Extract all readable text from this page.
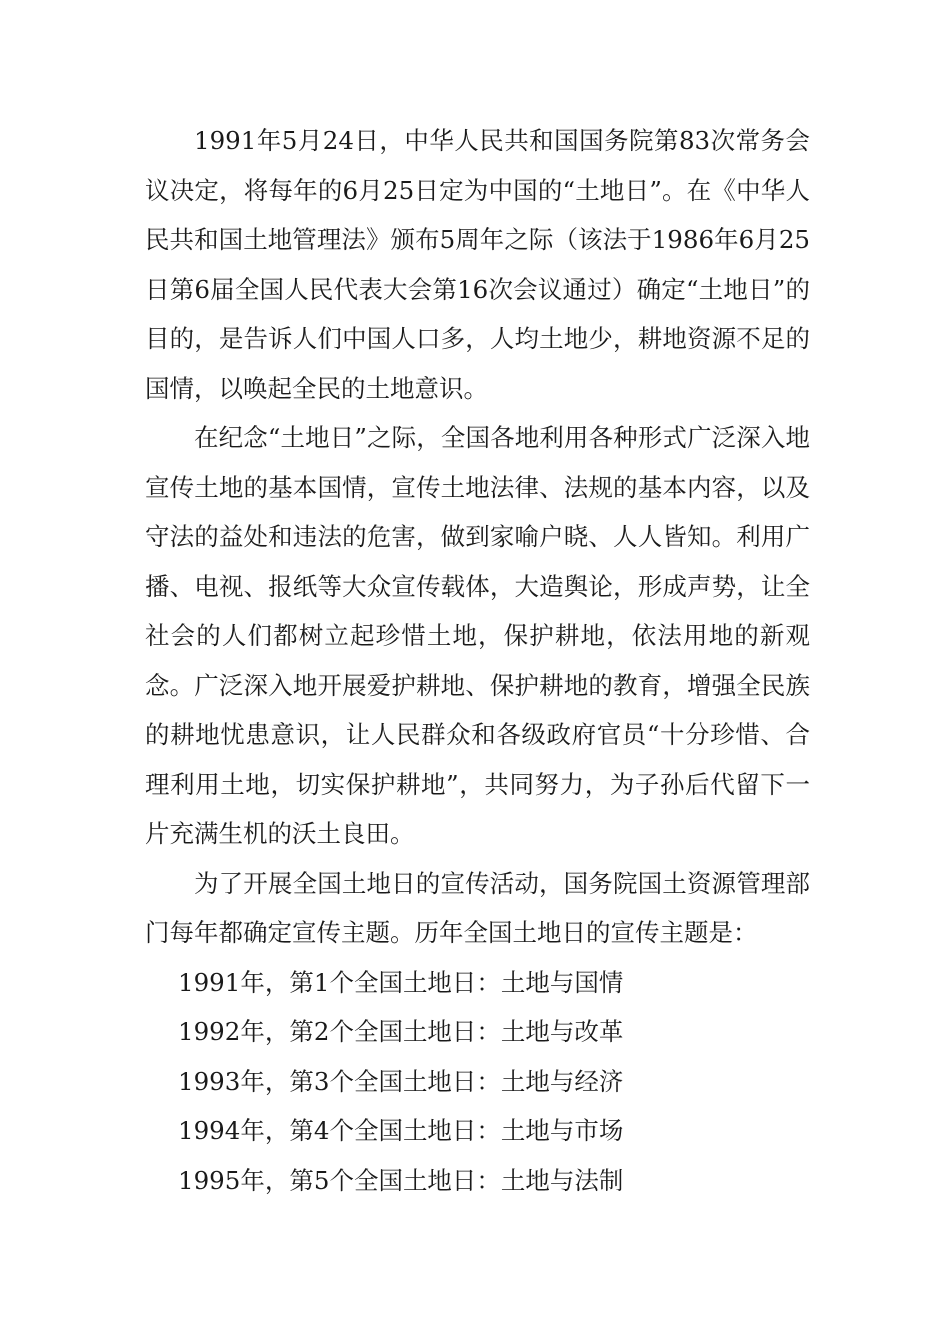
1991年5月24日，中华人民共和国国务院第83次常务会议决定，将每年的6月25日定为中国的“土地日”。在《中华人民共和国土地管理法》颁布5周年之际（该法于1986年6月25日第6届全国人民代表大会第16次会议通过）确定“土地日”的目的，是告诉人们中国人口多，人均土地少，耕地资源不足的国情，以唤起全民的土地意识。

在纪念“土地日”之际，全国各地利用各种形式广泛深入地宣传土地的基本国情，宣传土地法律、法规的基本内容，以及守法的益处和违法的危害，做到家喻户晓、人人皆知。利用广播、电视、报纸等大众宣传载体，大造舆论，形成声势，让全社会的人们都树立起珍惜土地，保护耕地，依法用地的新观念。广泛深入地开展爱护耕地、保护耕地的教育，增强全民族的耕地忧患意识，让人民群众和各级政府官员“十分珍惜、合理利用土地，切实保护耕地”，共同努力，为子孙后代留下一片充满生机的沃土良田。

为了开展全国土地日的宣传活动，国务院国土资源管理部门每年都确定宣传主题。历年全国土地日的宣传主题是：

1991年，第1个全国土地日：土地与国情
1992年，第2个全国土地日：土地与改革
1993年，第3个全国土地日：土地与经济
1994年，第4个全国土地日：土地与市场
1995年，第5个全国土地日：土地与法制
